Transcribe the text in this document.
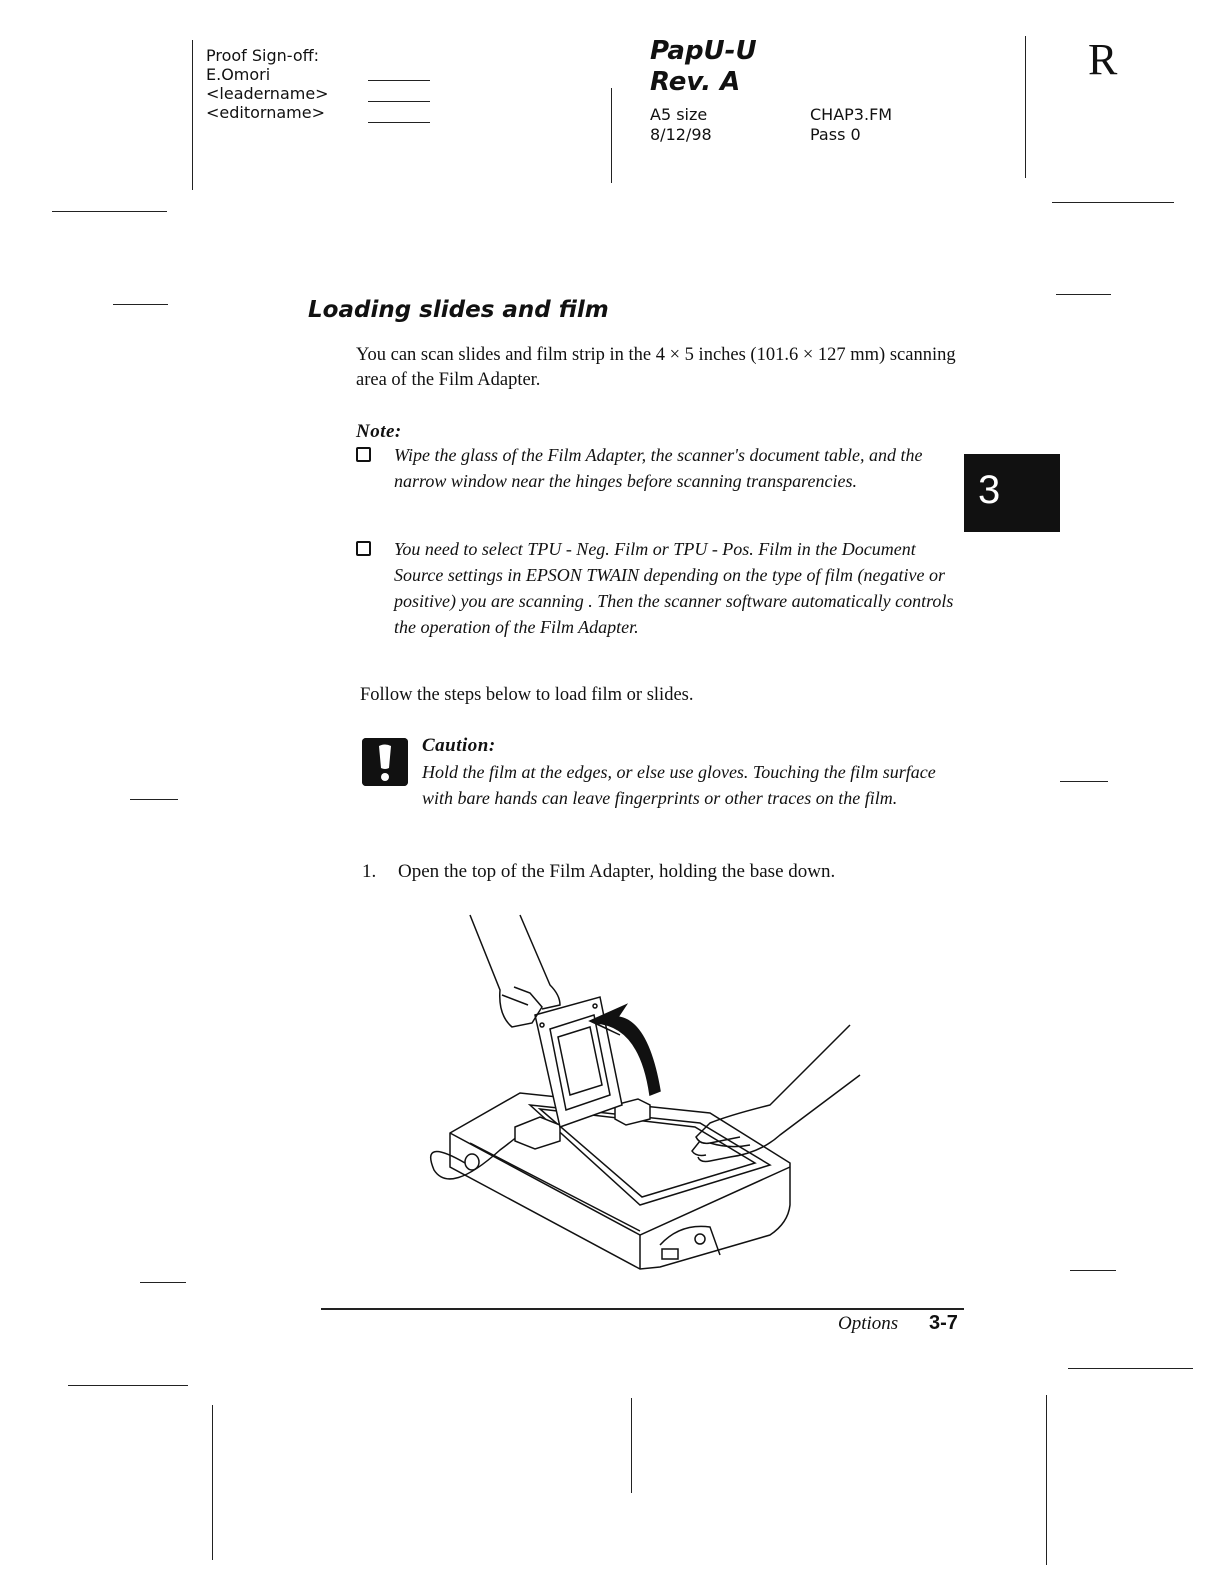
Proof Sign-off:
E.Omori
<leadername>
<editorname>
PapU-U
Rev. A
A5 size
8/12/98
CHAP3.FM
Pass 0
R
Loading slides and film
You can scan slides and film strip in the 4 × 5 inches (101.6 × 127 mm) scanning area of the Film Adapter.
Note:
Wipe the glass of the Film Adapter, the scanner's document table, and the narrow window near the hinges before scanning transparencies.
You need to select TPU - Neg. Film or TPU - Pos. Film in the Document Source settings in EPSON TWAIN depending on the type of film (negative or positive) you are scanning . Then the scanner software automatically controls the operation of the Film Adapter.
3
Follow the steps below to load film or slides.
Caution:
Hold the film at the edges, or else use gloves. Touching the film surface with bare hands can leave fingerprints or other traces on the film.
1. Open the top of the Film Adapter, holding the base down.
Options 3-7
